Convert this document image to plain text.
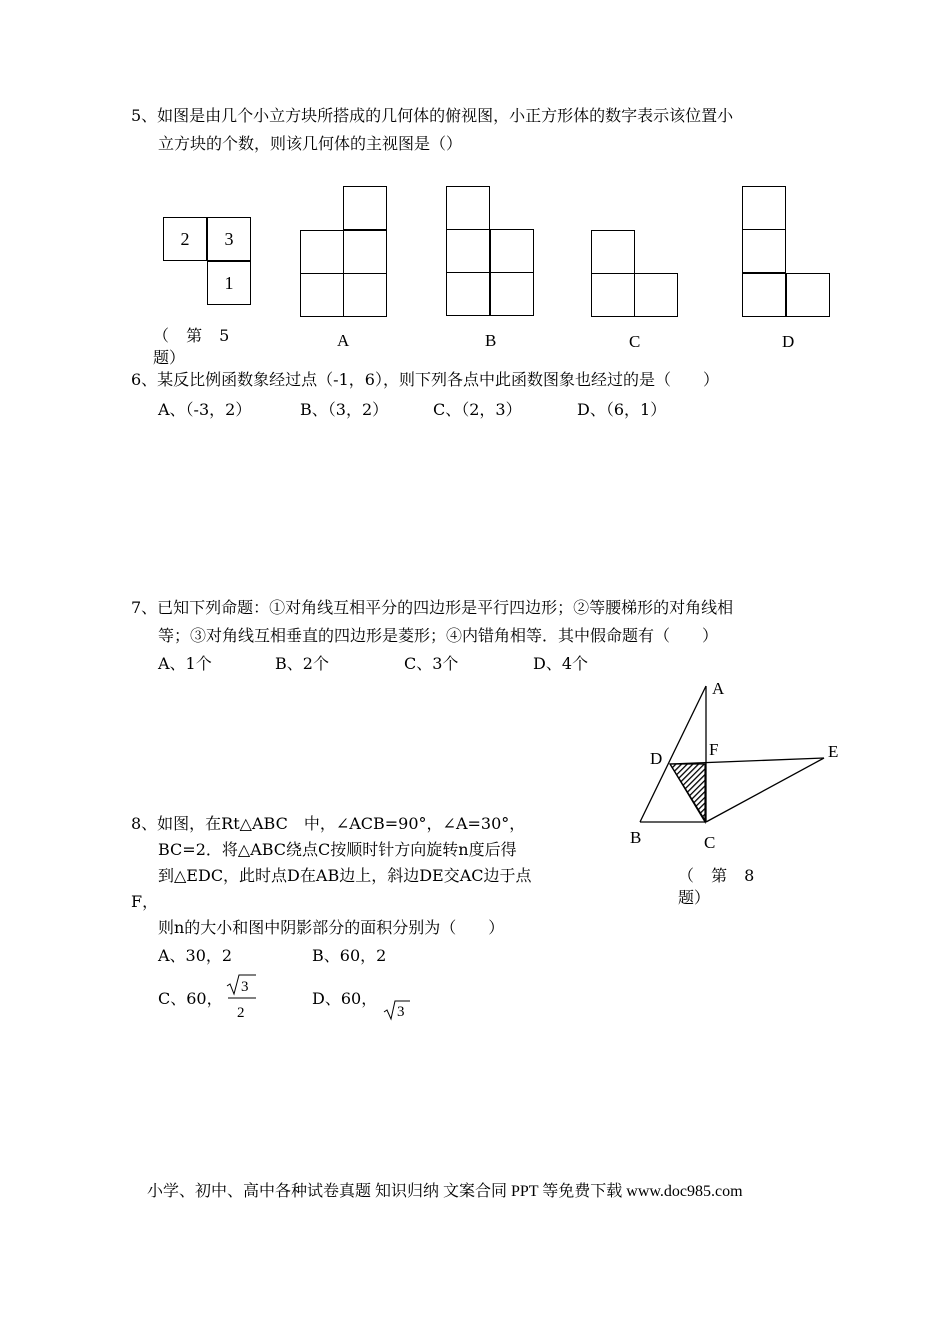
5、如图是由几个小立方块所搭成的几何体的俯视图，小正方形体的数字表示该位置小
立方块的个数，则该几何体的主视图是（）
2	3
1
（ 第 5
题）
A	B	C	D
6、某反比例函数象经过点（-1，6），则下列各点中此函数图象也经过的是（　　）
A、（-3，2）	B、（3，2）	C、（2，3）	D、（6，1）
7、已知下列命题：①对角线互相平分的四边形是平行四边形；②等腰梯形的对角线相
等；③对角线互相垂直的四边形是菱形；④内错角相等．其中假命题有（　　）
A、1个	B、2个	C、3个	D、4个
A
D	F	E
B	C
（ 第 8
题）
8、如图，在Rt△ABC　中，∠ACB=90°，∠A=30°，
BC=2．将△ABC绕点C按顺时针方向旋转n度后得
到△EDC，此时点D在AB边上，斜边DE交AC边于点
F，
则n的大小和图中阴影部分的面积分别为（　　）
A、30，2	B、60，2
C、60，
3
2
D、60，
3
小学、初中、高中各种试卷真题 知识归纳 文案合同 PPT 等免费下载 www.doc985.com
